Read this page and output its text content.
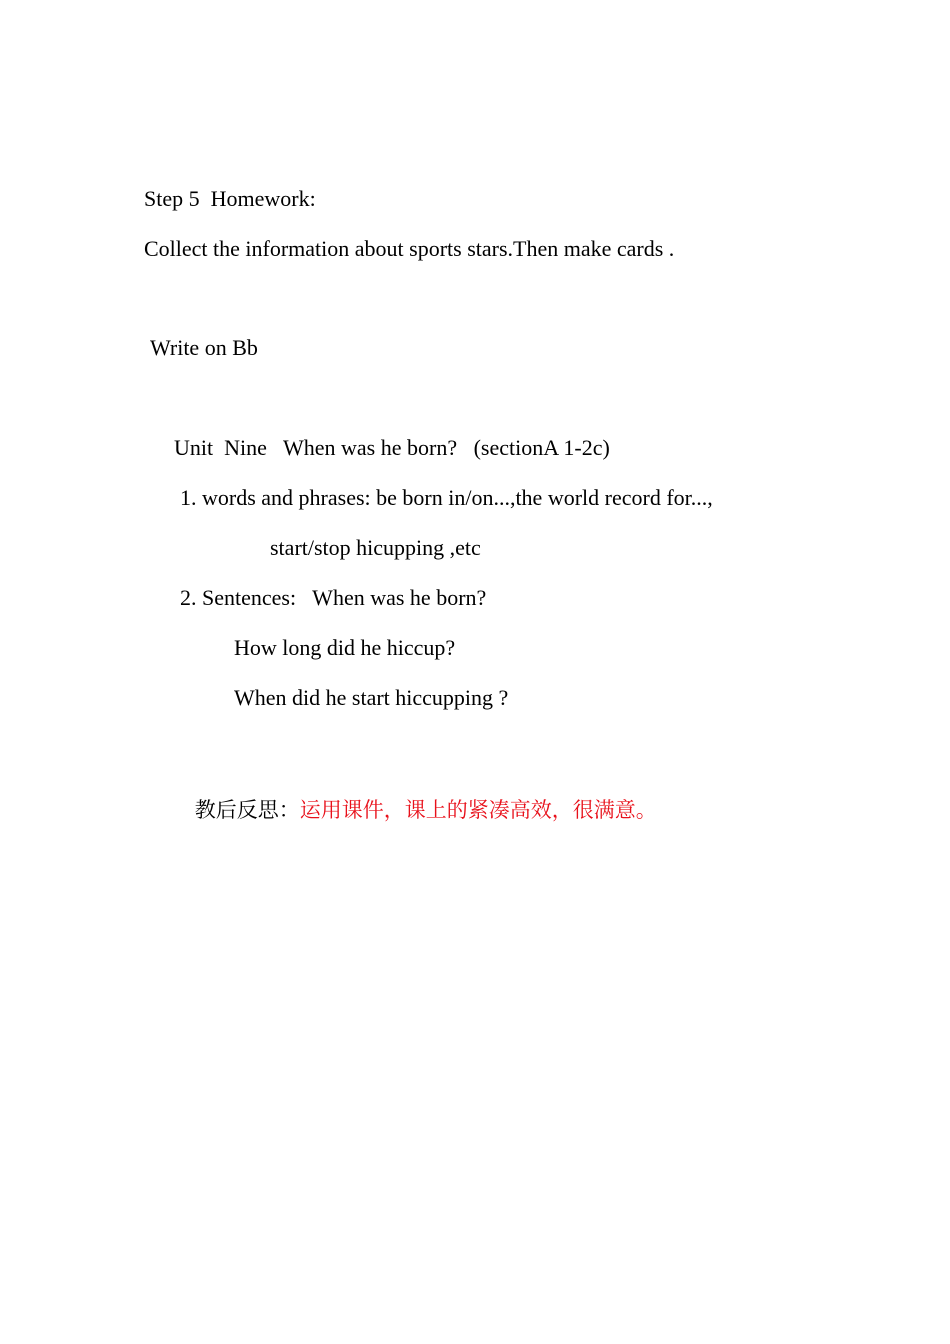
Step 5  Homework:
Collect the information about sports stars.Then make cards .
Write on Bb
Unit  Nine   When was he born?   (sectionA 1-2c)
1. words and phrases: be born in/on...,the world record for...,
start/stop hicupping ,etc
2. Sentences:   When was he born?
How long did he hiccup?
When did he start hiccupping ?

教后反思：运用课件，课上的紧凑高效，很满意。
